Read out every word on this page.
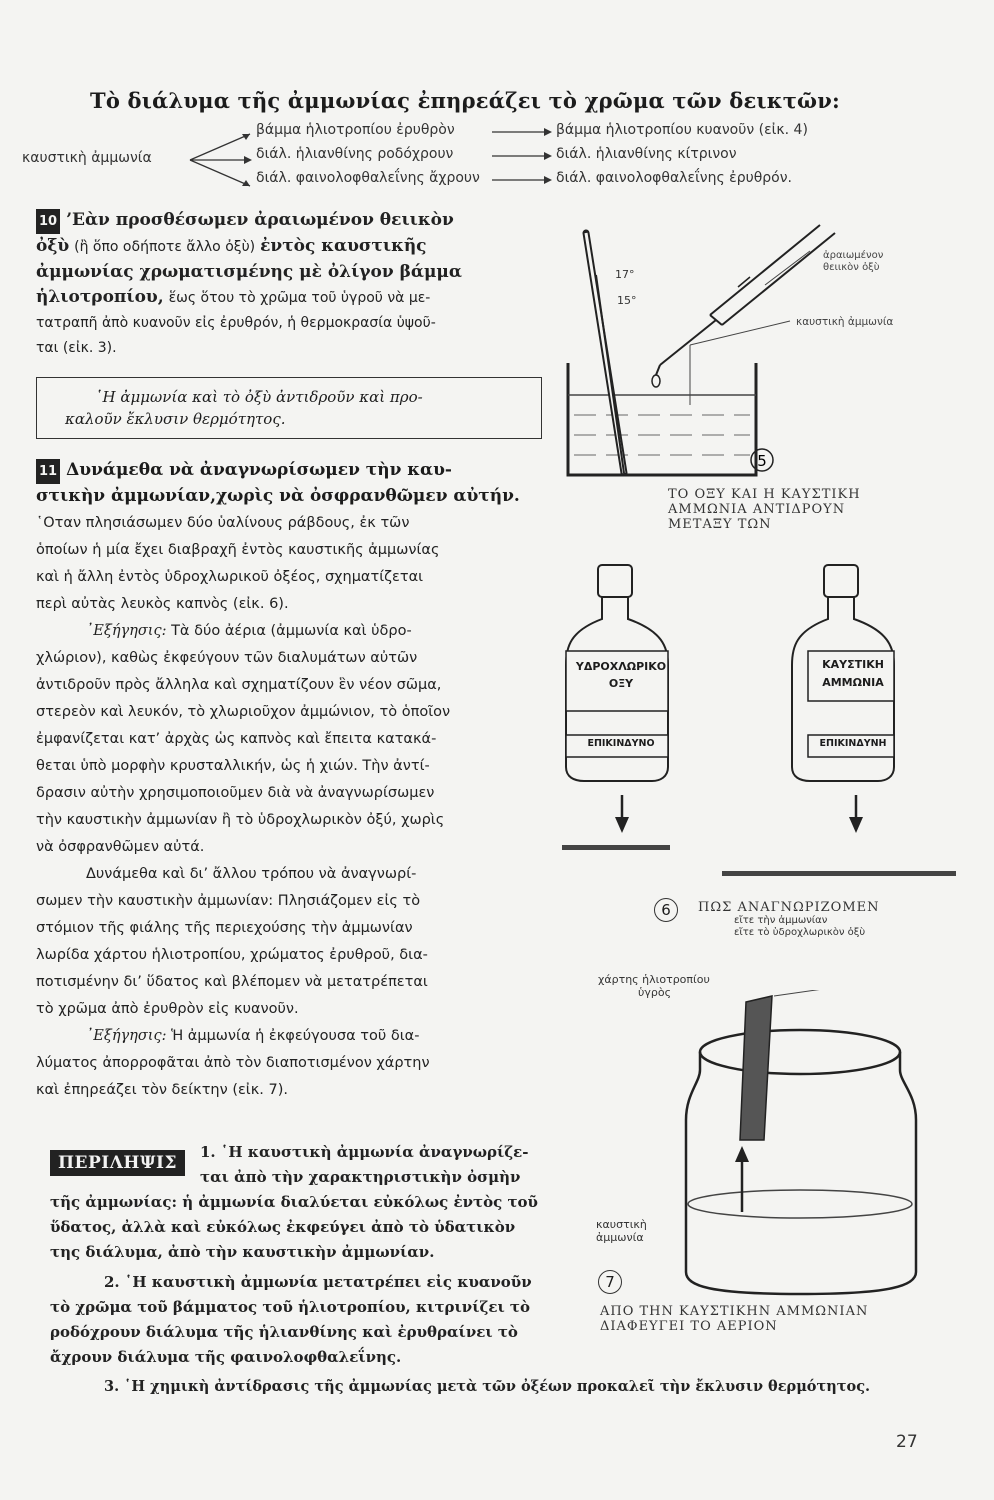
Τὸ διάλυμα τῆς ἀμμωνίας ἐπηρεάζει τὸ χρῶμα τῶν δεικτῶν:
καυστικὴ ἀμμωνία
βάμμα ἡλιοτροπίου ἐρυθρὸν
διάλ. ἡλιανθίνης ροδόχρουν
διάλ. φαινολοφθαλεΐνης ἄχρουν
βάμμα ἡλιοτροπίου κυανοῦν (εἰκ. 4)
διάλ. ἡλιανθίνης κίτρινον
διάλ. φαινολοφθαλεΐνης ἐρυθρόν.
10 ’Εὰν προσθέσωμεν ἀραιωμένον θειικὸν
ὀξὺ (ἢ ὅπο οδήποτε ἄλλο ὀξὺ) ἐντὸς καυστικῆς
ἀμμωνίας χρωματισμένης μὲ ὀλίγον βάμμα
ἡλιοτροπίου, ἕως ὅτου τὸ χρῶμα τοῦ ὑγροῦ νὰ με-
τατραπῆ ἀπὸ κυανοῦν εἰς ἐρυθρόν, ἡ θερμοκρασία ὑψοῦ-
ται (εἰκ. 3).
῾Η ἀμμωνία καὶ τὸ ὀξὺ ἀντιδροῦν καὶ προ-
καλοῦν ἔκλυσιν θερμότητος.
11 Δυνάμεθα νὰ ἀναγνωρίσωμεν τὴν καυ-
στικὴν ἀμμωνίαν,χωρὶς νὰ ὀσφρανθῶμεν αὐτήν.
῾Οταν πλησιάσωμεν δύο ὑαλίνους ράβδους, ἐκ τῶν
ὁποίων ἡ μία ἔχει διαβραχῆ ἐντὸς καυστικῆς ἀμμωνίας
καὶ ἡ ἄλλη ἐντὸς ὑδροχλωρικοῦ ὀξέος, σχηματίζεται
περὶ αὐτὰς λευκὸς καπνὸς (εἰκ. 6).
᾿Εξήγησις: Τὰ δύο ἀέρια (ἀμμωνία καὶ ὑδρο-
χλώριον), καθὼς ἐκφεύγουν τῶν διαλυμάτων αὐτῶν
ἀντιδροῦν πρὸς ἄλληλα καὶ σχηματίζουν ἓν νέον σῶμα,
στερεὸν καὶ λευκόν, τὸ χλωριοῦχον ἀμμώνιον, τὸ ὁποῖον
ἐμφανίζεται κατ’ ἀρχὰς ὡς καπνὸς καὶ ἔπειτα κατακά-
θεται ὑπὸ μορφὴν κρυσταλλικήν, ὡς ἡ χιών. Τὴν ἀντί-
δρασιν αὐτὴν χρησιμοποιοῦμεν διὰ νὰ ἀναγνωρίσωμεν
τὴν καυστικὴν ἀμμωνίαν ἢ τὸ ὑδροχλωρικὸν ὀξύ, χωρὶς
νὰ ὀσφρανθῶμεν αὐτά.
Δυνάμεθα καὶ δι’ ἄλλου τρόπου νὰ ἀναγνωρί-
σωμεν τὴν καυστικὴν ἀμμωνίαν: Πλησιάζομεν εἰς τὸ
στόμιον τῆς φιάλης τῆς περιεχούσης τὴν ἀμμωνίαν
λωρίδα χάρτου ἡλιοτροπίου, χρώματος ἐρυθροῦ, δια-
ποτισμένην δι’ ὕδατος καὶ βλέπομεν νὰ μετατρέπεται
τὸ χρῶμα ἀπὸ ἐρυθρὸν εἰς κυανοῦν.
᾿Εξήγησις: Ἡ ἀμμωνία ἡ ἐκφεύγουσα τοῦ δια-
λύματος ἀπορροφᾶται ἀπὸ τὸν διαποτισμένον χάρτην
καὶ ἐπηρεάζει τὸν δείκτην (εἰκ. 7).
5
17°
15°
ἀραιωμένον
θειικὸν ὀξὺ
καυστικὴ ἀμμωνία
ΤΟ ΟΞΥ ΚΑΙ Η ΚΑΥΣΤΙΚΗ
ΑΜΜΩΝΙΑ ΑΝΤΙΔΡΟΥΝ
ΜΕΤΑΞΥ ΤΩΝ
ΥΔΡΟΧΛΩΡΙΚΟ
ΟΞΥ
ΕΠΙΚΙΝΔΥΝΟ
ΚΑΥΣΤΙΚΗ
ΑΜΜΩΝΙΑ
ΕΠΙΚΙΝΔΥΝΗ
6	ΠΩΣ ΑΝΑΓΝΩΡΙΖΟΜΕΝ
εἴτε τὴν ἀμμωνίαν
εἴτε τὸ ὑδροχλωρικὸν ὀξὺ
χάρτης ἡλιοτροπίου
ὑγρὸς
καυστικὴ
ἀμμωνία
7
ΑΠΟ ΤΗΝ ΚΑΥΣΤΙΚΗΝ ΑΜΜΩΝΙΑΝ
ΔΙΑΦΕΥΓΕΙ ΤΟ ΑΕΡΙΟΝ
ΠΕΡΙΛΗΨΙΣ
1. ῾Η καυστικὴ ἀμμωνία ἀναγνωρίζε-
ται ἀπὸ τὴν χαρακτηριστικὴν ὀσμὴν
τῆς ἀμμωνίας: ἡ ἀμμωνία διαλύεται εὐκόλως ἐντὸς τοῦ
ὕδατος, ἀλλὰ καὶ εὐκόλως ἐκφεύγει ἀπὸ τὸ ὑδατικὸν
της διάλυμα, ἀπὸ τὴν καυστικὴν ἀμμωνίαν.
2. ῾Η καυστικὴ ἀμμωνία μετατρέπει εἰς κυανοῦν
τὸ χρῶμα τοῦ βάμματος τοῦ ἡλιοτροπίου, κιτρινίζει τὸ
ροδόχρουν διάλυμα τῆς ἡλιανθίνης καὶ ἐρυθραίνει τὸ
ἄχρουν διάλυμα τῆς φαινολοφθαλεΐνης.
3. ῾Η χημικὴ ἀντίδρασις τῆς ἀμμωνίας μετὰ τῶν ὀξέων προκαλεῖ τὴν ἔκλυσιν θερμότητος.
27
